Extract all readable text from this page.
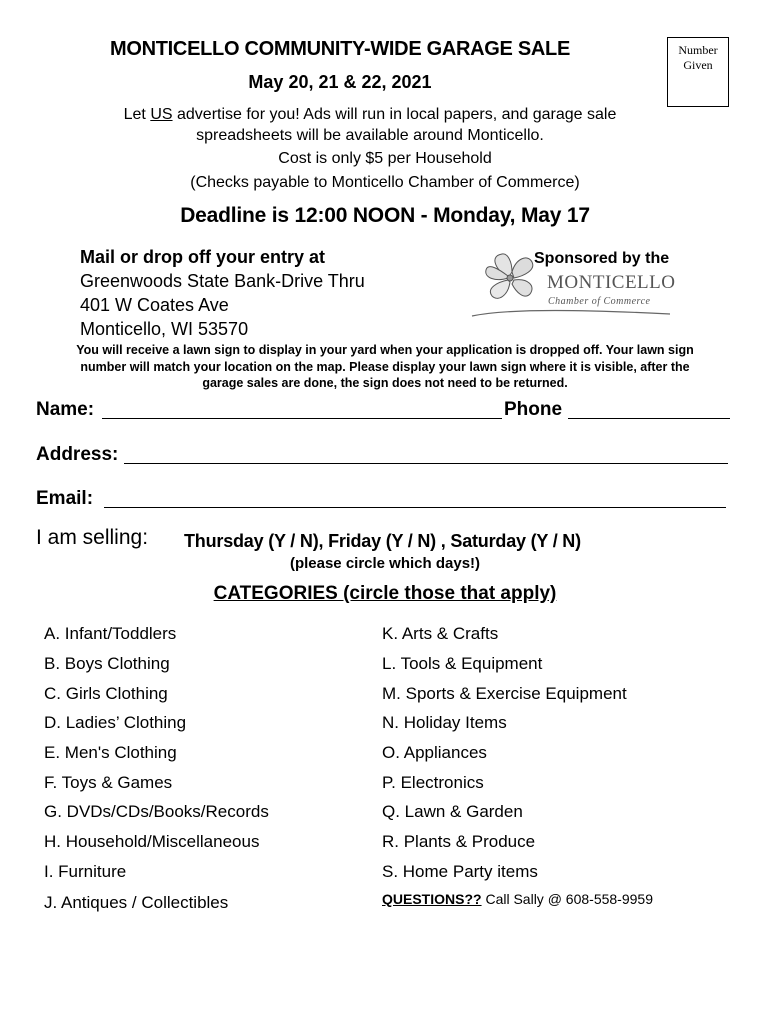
MONTICELLO COMMUNITY-WIDE GARAGE SALE
May 20, 21 & 22, 2021
Number
Given
Let US advertise for you! Ads will run in local papers, and garage sale
spreadsheets will be available around Monticello.
Cost is only $5 per Household
(Checks payable to Monticello Chamber of Commerce)
Deadline is 12:00 NOON - Monday, May 17
Mail or drop off your entry at
Greenwoods State Bank-Drive Thru
401 W Coates Ave
Monticello, WI 53570
Sponsored by the
MONTICELLO
Chamber of Commerce
You will receive a lawn sign to display in your yard when your application is dropped off. Your lawn sign
number will match your location on the map. Please display your lawn sign where it is visible, after the
garage sales are done, the sign does not need to be returned.
Name:	Phone
Address:
Email:
I am selling: Thursday (Y / N), Friday (Y / N) , Saturday (Y / N)
(please circle which days!)
CATEGORIES (circle those that apply)
A. Infant/Toddlers
B. Boys Clothing
C. Girls Clothing
D. Ladies’ Clothing
E. Men's Clothing
F. Toys & Games
G. DVDs/CDs/Books/Records
H. Household/Miscellaneous
I. Furniture
J. Antiques / Collectibles
K. Arts & Crafts
L. Tools & Equipment
M. Sports & Exercise Equipment
N. Holiday Items
O. Appliances
P. Electronics
Q. Lawn & Garden
R. Plants & Produce
S. Home Party items
QUESTIONS?? Call Sally @ 608-558-9959
